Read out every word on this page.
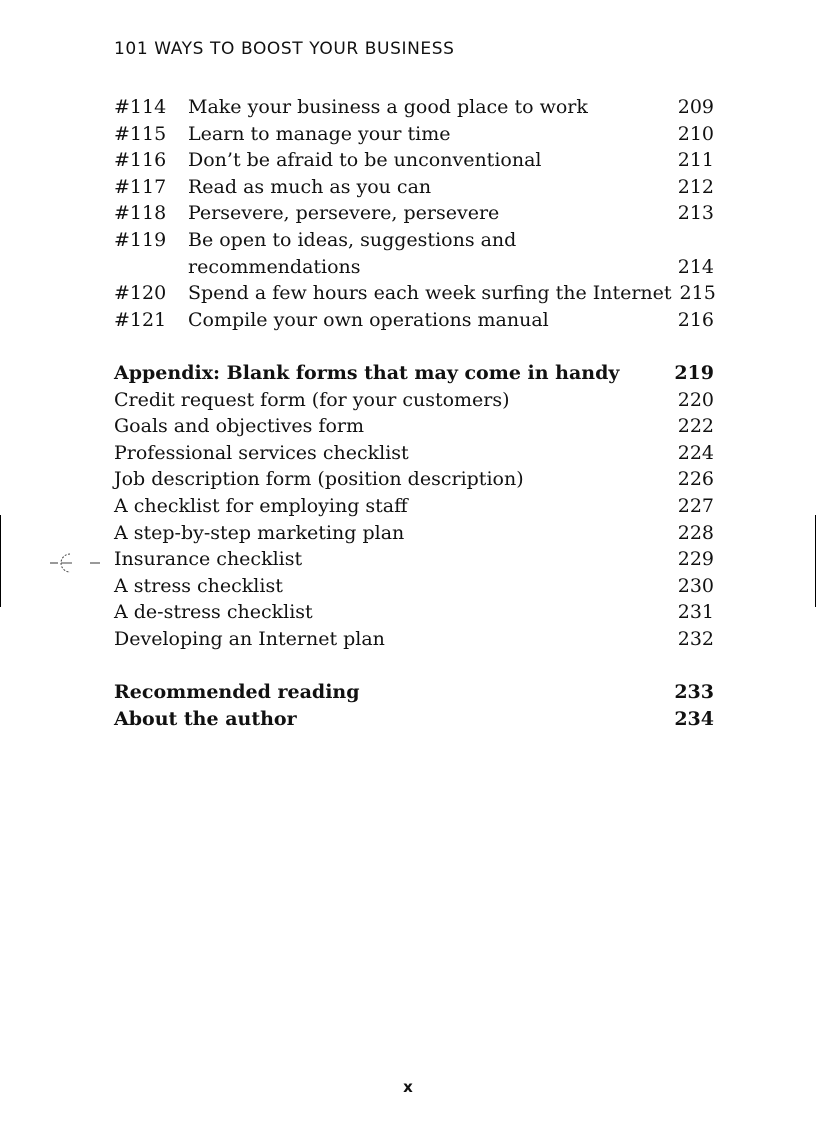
101 WAYS TO BOOST YOUR BUSINESS
#114	Make your business a good place to work	209
#115	Learn to manage your time	210
#116	Don’t be afraid to be unconventional	211
#117	Read as much as you can	212
#118	Persevere, persevere, persevere	213
#119	Be open to ideas, suggestions and
recommendations	214
#120	Spend a few hours each week surfing the Internet 215
#121	Compile your own operations manual	216
Appendix: Blank forms that may come in handy	219
Credit request form (for your customers)	220
Goals and objectives form	222
Professional services checklist	224
Job description form (position description)	226
A checklist for employing staff	227
A step-by-step marketing plan	228
Insurance checklist	229
A stress checklist	230
A de-stress checklist	231
Developing an Internet plan	232
Recommended reading	233
About the author	234
x
